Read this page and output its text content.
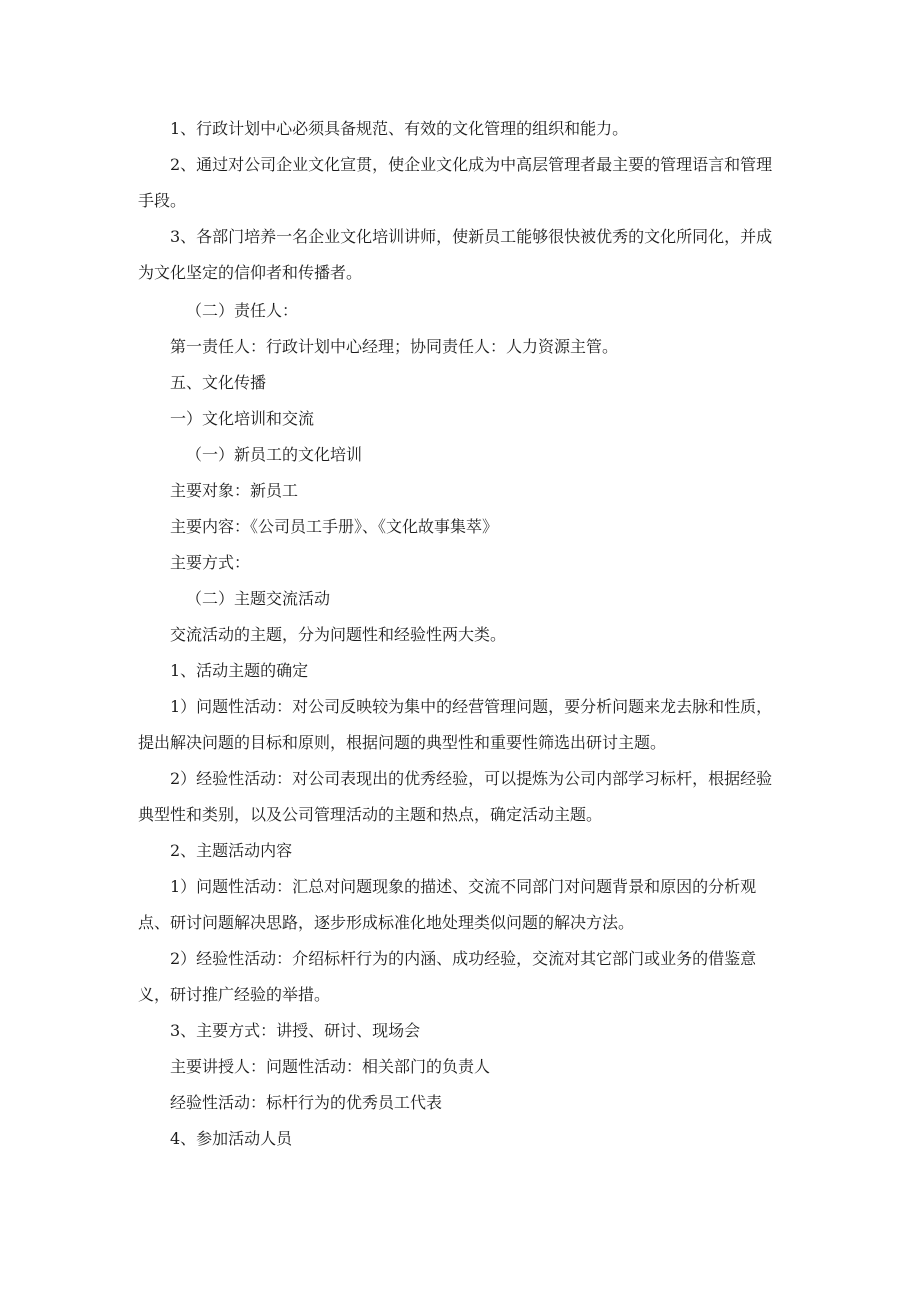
1、行政计划中心必须具备规范、有效的文化管理的组织和能力。

2、通过对公司企业文化宣贯，使企业文化成为中高层管理者最主要的管理语言和管理手段。

3、各部门培养一名企业文化培训讲师，使新员工能够很快被优秀的文化所同化，并成为文化坚定的信仰者和传播者。

（二）责任人：

第一责任人：行政计划中心经理；协同责任人：人力资源主管。

五、文化传播

一）文化培训和交流

（一）新员工的文化培训

主要对象：新员工

主要内容：《公司员工手册》、《文化故事集萃》

主要方式：

（二）主题交流活动

交流活动的主题，分为问题性和经验性两大类。

1、活动主题的确定

1）问题性活动：对公司反映较为集中的经营管理问题，要分析问题来龙去脉和性质，提出解决问题的目标和原则，根据问题的典型性和重要性筛选出研讨主题。

2）经验性活动：对公司表现出的优秀经验，可以提炼为公司内部学习标杆，根据经验典型性和类别，以及公司管理活动的主题和热点，确定活动主题。

2、主题活动内容

1）问题性活动：汇总对问题现象的描述、交流不同部门对问题背景和原因的分析观点、研讨问题解决思路，逐步形成标准化地处理类似问题的解决方法。

2）经验性活动：介绍标杆行为的内涵、成功经验，交流对其它部门或业务的借鉴意义，研讨推广经验的举措。

3、主要方式：讲授、研讨、现场会

主要讲授人：问题性活动：相关部门的负责人

经验性活动：标杆行为的优秀员工代表

4、参加活动人员
